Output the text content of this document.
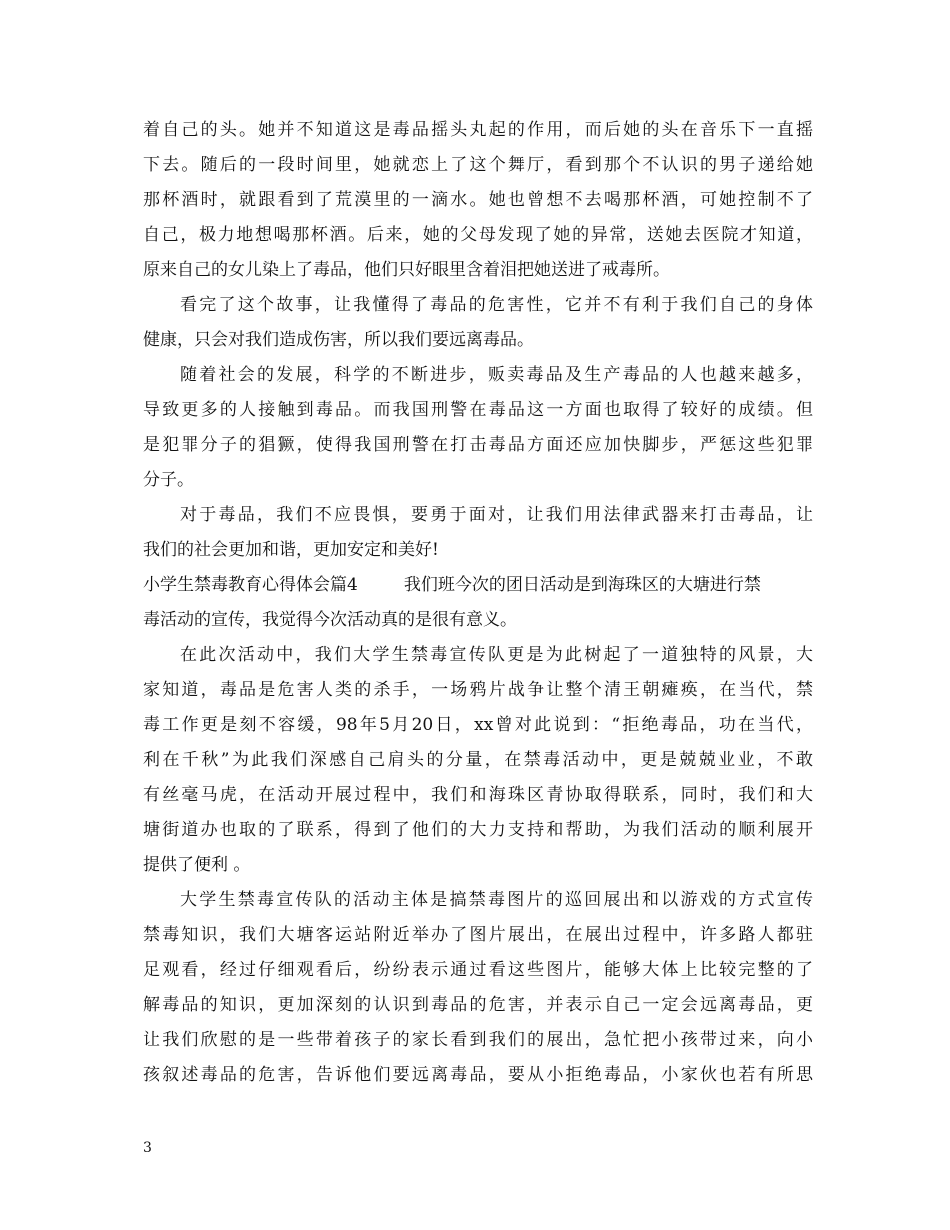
着自己的头。她并不知道这是毒品摇头丸起的作用，而后她的头在音乐下一直摇
下去。随后的一段时间里，她就恋上了这个舞厅，看到那个不认识的男子递给她
那杯酒时，就跟看到了荒漠里的一滴水。她也曾想不去喝那杯酒，可她控制不了
自己，极力地想喝那杯酒。后来，她的父母发现了她的异常，送她去医院才知道，
原来自己的女儿染上了毒品，他们只好眼里含着泪把她送进了戒毒所。
看完了这个故事，让我懂得了毒品的危害性，它并不有利于我们自己的身体
健康，只会对我们造成伤害，所以我们要远离毒品。
随着社会的发展，科学的不断进步，贩卖毒品及生产毒品的人也越来越多，
导致更多的人接触到毒品。而我国刑警在毒品这一方面也取得了较好的成绩。但
是犯罪分子的猖獗，使得我国刑警在打击毒品方面还应加快脚步，严惩这些犯罪
分子。
对于毒品，我们不应畏惧，要勇于面对，让我们用法律武器来打击毒品，让
我们的社会更加和谐，更加安定和美好!
小学生禁毒教育心得体会篇4	我们班今次的团日活动是到海珠区的大塘进行禁
毒活动的宣传，我觉得今次活动真的是很有意义。
在此次活动中，我们大学生禁毒宣传队更是为此树起了一道独特的风景，大
家知道，毒品是危害人类的杀手，一场鸦片战争让整个清王朝瘫痪，在当代，禁
毒工作更是刻不容缓，98年5月20日，xx曾对此说到：“拒绝毒品，功在当代，
利在千秋”为此我们深感自己肩头的分量，在禁毒活动中，更是兢兢业业，不敢
有丝毫马虎，在活动开展过程中，我们和海珠区青协取得联系，同时，我们和大
塘街道办也取的了联系，得到了他们的大力支持和帮助，为我们活动的顺利展开
提供了便利 。
大学生禁毒宣传队的活动主体是搞禁毒图片的巡回展出和以游戏的方式宣传
禁毒知识，我们大塘客运站附近举办了图片展出，在展出过程中，许多路人都驻
足观看，经过仔细观看后，纷纷表示通过看这些图片，能够大体上比较完整的了
解毒品的知识，更加深刻的认识到毒品的危害，并表示自己一定会远离毒品，更
让我们欣慰的是一些带着孩子的家长看到我们的展出，急忙把小孩带过来，向小
孩叙述毒品的危害，告诉他们要远离毒品，要从小拒绝毒品，小家伙也若有所思
3
